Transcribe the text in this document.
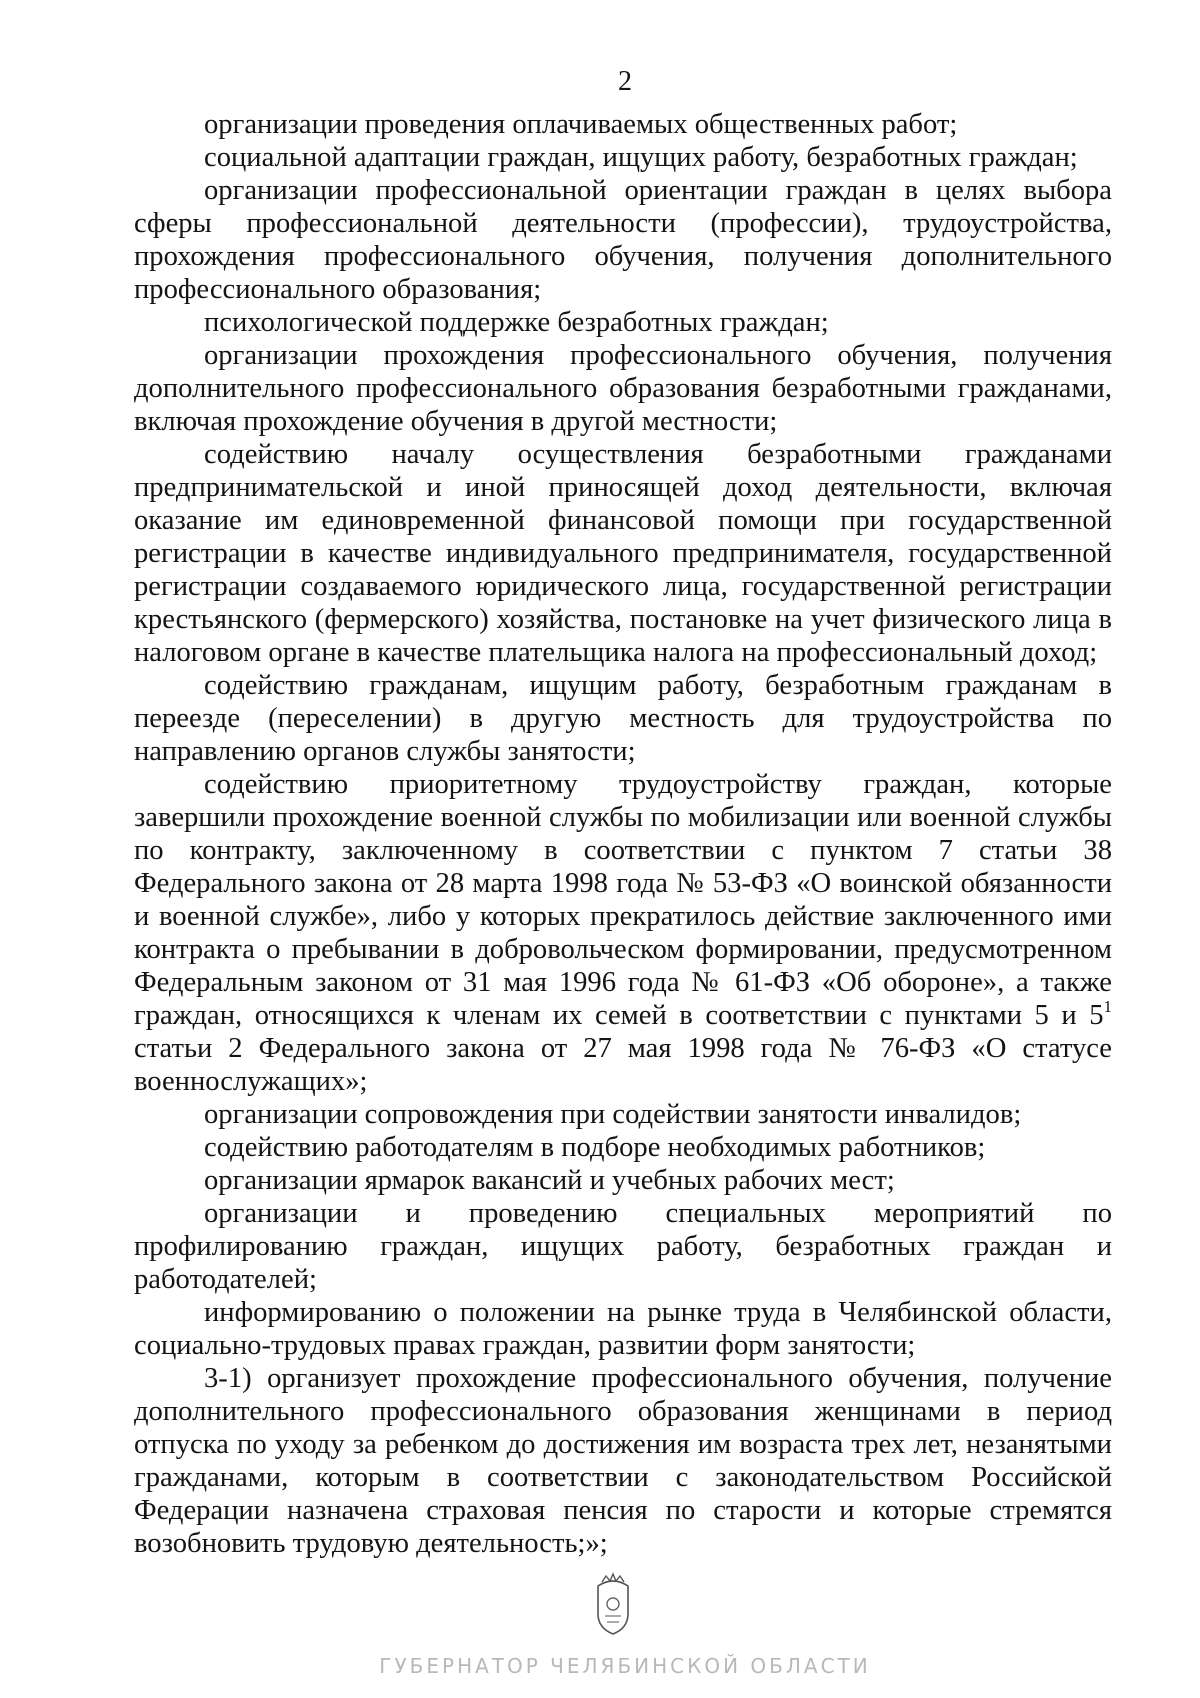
2

организации проведения оплачиваемых общественных работ;

социальной адаптации граждан, ищущих работу, безработных граждан;

организации профессиональной ориентации граждан в целях выбора сферы профессиональной деятельности (профессии), трудоустройства, прохождения профессионального обучения, получения дополнительного профессионального образования;

психологической поддержке безработных граждан;

организации прохождения профессионального обучения, получения дополнительного профессионального образования безработными гражданами, включая прохождение обучения в другой местности;

содействию началу осуществления безработными гражданами предпринимательской и иной приносящей доход деятельности, включая оказание им единовременной финансовой помощи при государственной регистрации в качестве индивидуального предпринимателя, государственной регистрации создаваемого юридического лица, государственной регистрации крестьянского (фермерского) хозяйства, постановке на учет физического лица в налоговом органе в качестве плательщика налога на профессиональный доход;

содействию гражданам, ищущим работу, безработным гражданам в переезде (переселении) в другую местность для трудоустройства по направлению органов службы занятости;

содействию приоритетному трудоустройству граждан, которые завершили прохождение военной службы по мобилизации или военной службы по контракту, заключенному в соответствии с пунктом 7 статьи 38 Федерального закона от 28 марта 1998 года № 53-ФЗ «О воинской обязанности и военной службе», либо у которых прекратилось действие заключенного ими контракта о пребывании в добровольческом формировании, предусмотренном Федеральным законом от 31 мая 1996 года № 61-ФЗ «Об обороне», а также граждан, относящихся к членам их семей в соответствии с пунктами 5 и $5^1$ статьи 2 Федерального закона от 27 мая 1998 года № 76-ФЗ «О статусе военнослужащих»;

организации сопровождения при содействии занятости инвалидов;

содействию работодателям в подборе необходимых работников;

организации ярмарок вакансий и учебных рабочих мест;

организации и проведению специальных мероприятий по профилированию граждан, ищущих работу, безработных граждан и работодателей;

информированию о положении на рынке труда в Челябинской области, социально-трудовых правах граждан, развитии форм занятости;

3-1) организует прохождение профессионального обучения, получение дополнительного профессионального образования женщинами в период отпуска по уходу за ребенком до достижения им возраста трех лет, незанятыми гражданами, которым в соответствии с законодательством Российской Федерации назначена страховая пенсия по старости и которые стремятся возобновить трудовую деятельность;»;

ГУБЕРНАТОР ЧЕЛЯБИНСКОЙ ОБЛАСТИ
